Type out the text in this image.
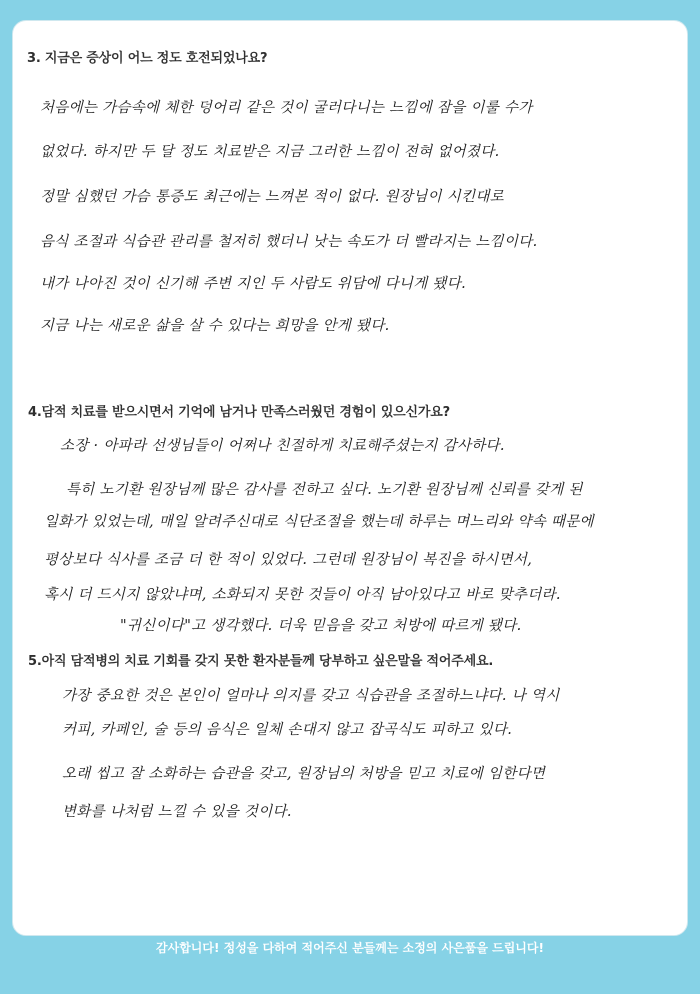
3. 지금은 증상이 어느 정도 호전되었나요?
처음에는 가슴속에 체한 덩어리 같은 것이 굴러다니는 느낌에 잠을 이룰 수가
없었다. 하지만 두 달 정도 치료받은 지금 그러한 느낌이 전혀 없어졌다.
정말 심했던 가슴 통증도 최근에는 느껴본 적이 없다. 원장님이 시킨대로
음식 조절과 식습관 관리를 철저히 했더니 낫는 속도가 더 빨라지는 느낌이다.
내가 나아진 것이 신기해 주변 지인 두 사람도 위담에 다니게 됐다.
지금 나는 새로운 삶을 살 수 있다는 희망을 안게 됐다.
4.담적 치료를 받으시면서 기억에 남거나 만족스러웠던 경험이 있으신가요?
소장 · 아파라 선생님들이 어쩌나 친절하게 치료해주셨는지 감사하다.
특히 노기환 원장님께 많은 감사를 전하고 싶다. 노기환 원장님께 신뢰를 갖게 된
일화가 있었는데, 매일 알려주신대로 식단조절을 했는데 하루는 며느리와 약속 때문에
평상보다 식사를 조금 더 한 적이 있었다. 그런데 원장님이 복진을 하시면서,
혹시 더 드시지 않았냐며, 소화되지 못한 것들이 아직 남아있다고 바로 맞추더라.
"귀신이다"고 생각했다. 더욱 믿음을 갖고 처방에 따르게 됐다.
5.아직 담적병의 치료 기회를 갖지 못한 환자분들께 당부하고 싶은말을 적어주세요.
가장 중요한 것은 본인이 얼마나 의지를 갖고 식습관을 조절하느냐다. 나 역시
커피, 카페인, 술 등의 음식은 일체 손대지 않고 잡곡식도 피하고 있다.
오래 씹고 잘 소화하는 습관을 갖고, 원장님의 처방을 믿고 치료에 임한다면
변화를 나처럼 느낄 수 있을 것이다.
감사합니다! 정성을 다하여 적어주신 분들께는 소정의 사은품을 드립니다!
